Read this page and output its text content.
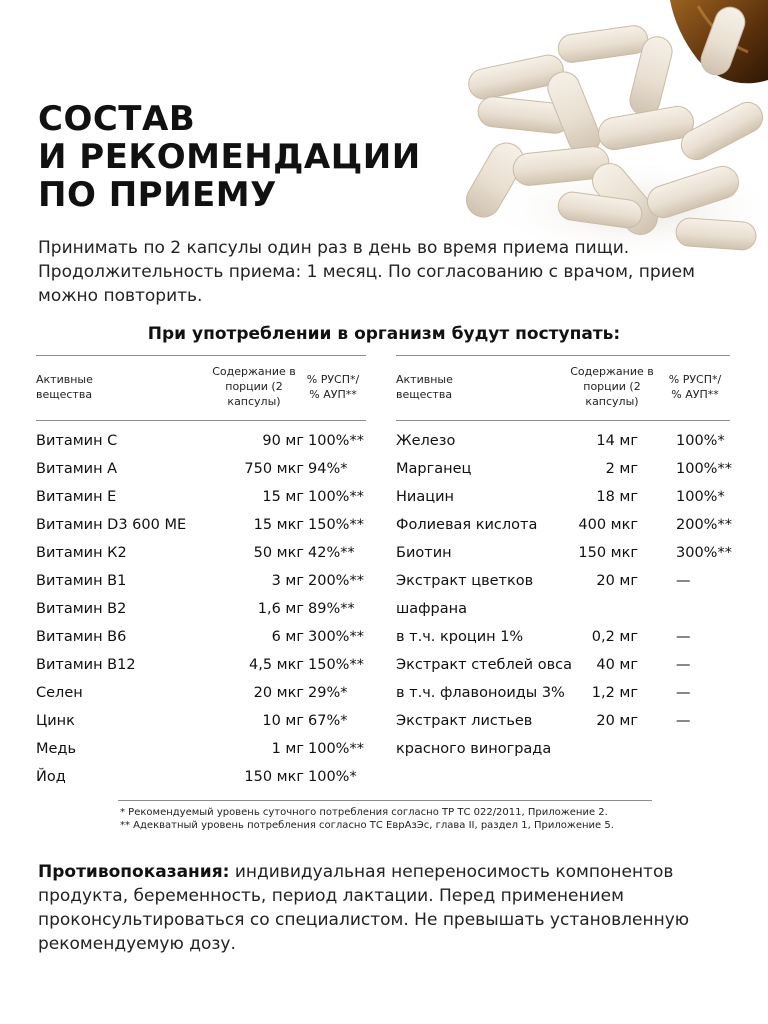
СОСТАВ
И РЕКОМЕНДАЦИИ
ПО ПРИЕМУ
Принимать по 2 капсулы один раз в день во время приема пищи. Продолжительность приема: 1 месяц. По согласованию с врачом, прием можно повторить.
При употреблении в организм будут поступать:
Активные вещества
Содержание в порции (2 капсулы)
% РУСП*/ % АУП**
Витамин С	90 мг 100%**
Витамин А	750 мкг 94%*
Витамин Е	15 мг 100%**
Витамин D3 600 МЕ	15 мкг 150%**
Витамин К2	50 мкг 42%**
Витамин В1	3 мг 200%**
Витамин В2	1,6 мг 89%**
Витамин В6	6 мг 300%**
Витамин В12	4,5 мкг 150%**
Селен	20 мкг 29%*
Цинк	10 мг 67%*
Медь	1 мг 100%**
Йод	150 мкг 100%*
Активные вещества
Содержание в порции (2 капсулы)
% РУСП*/ % АУП**
Железо	14 мг	100%*
Марганец	2 мг	100%**
Ниацин	18 мг	100%*
Фолиевая кислота	400 мкг	200%**
Биотин	150 мкг	300%**
Экстракт цветков	20 мг	—
шафрана
в т.ч. кроцин 1%	0,2 мг	—
Экстракт стеблей овса	40 мг	—
в т.ч. флавоноиды 3%	1,2 мг	—
Экстракт листьев	20 мг	—
красного винограда
* Рекомендуемый уровень суточного потребления согласно ТР ТС 022/2011, Приложение 2.
** Адекватный уровень потребления согласно ТС ЕврАзЭс, глава II, раздел 1, Приложение 5.
Противопоказания: индивидуальная непереносимость компонентов продукта, беременность, период лактации. Перед применением проконсультироваться со специалистом. Не превышать установленную рекомендуемую дозу.
